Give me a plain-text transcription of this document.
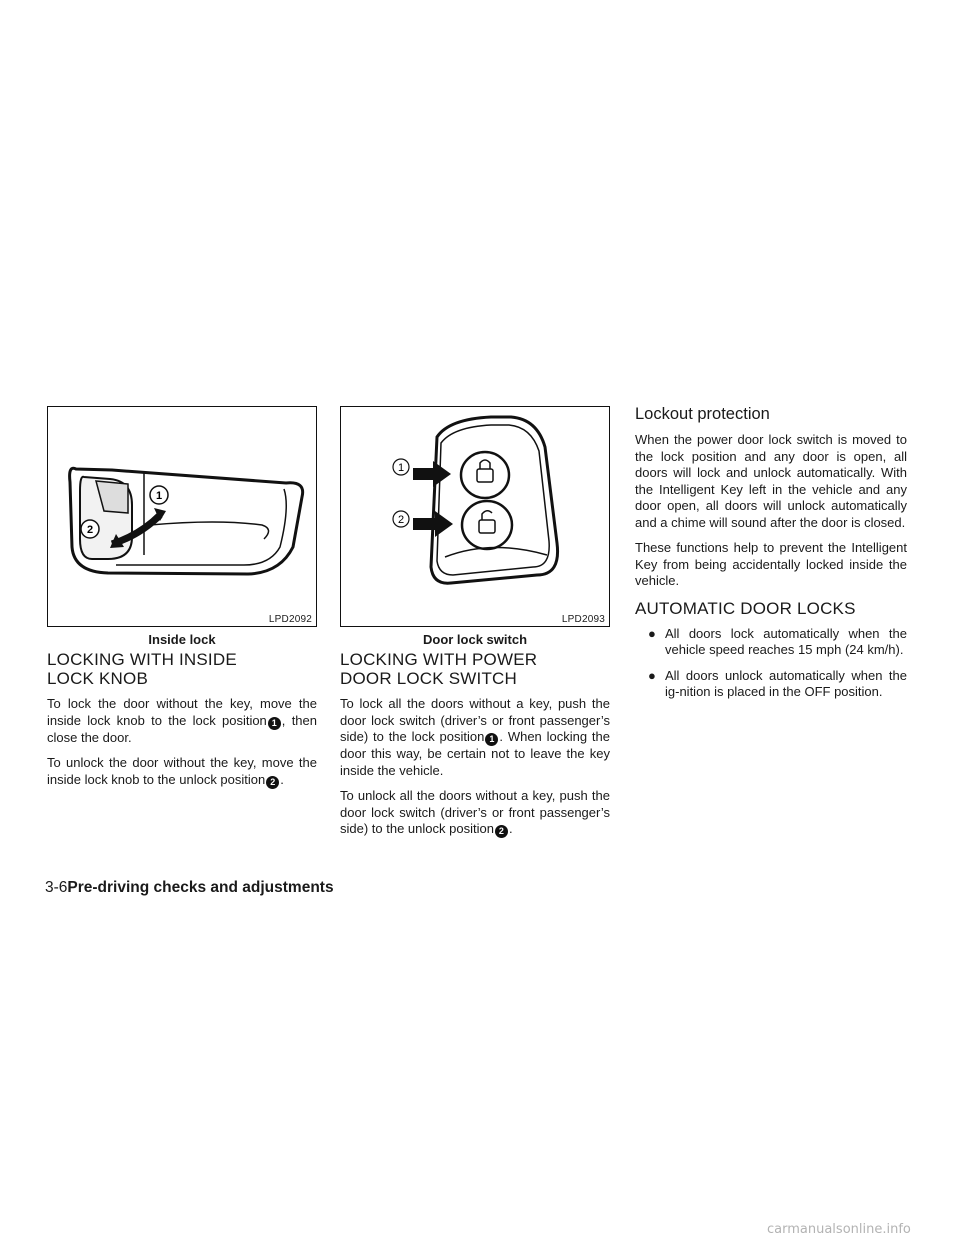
1
2
LPD2092
Inside lock
1
2
LPD2093
Door lock switch
LOCKING WITH INSIDE LOCK KNOB

To lock the door without the key, move the inside lock knob to the lock position 1 , then close the door.

To unlock the door without the key, move the inside lock knob to the unlock position 2 .

LOCKING WITH POWER DOOR LOCK SWITCH

To lock all the doors without a key, push the door lock switch (driver’s or front passenger’s side) to the lock position 1 . When locking the door this way, be certain not to leave the key inside the vehicle.

To unlock all the doors without a key, push the door lock switch (driver’s or front passenger’s side) to the unlock position 2 .

Lockout protection

When the power door lock switch is moved to the lock position and any door is open, all doors will lock and unlock automatically. With the Intelligent Key left in the vehicle and any door open, all doors will unlock automatically and a chime will sound after the door is closed.

These functions help to prevent the Intelligent Key from being accidentally locked inside the vehicle.

AUTOMATIC DOOR LOCKS
● All doors lock automatically when the vehicle speed reaches 15 mph (24 km/h).
● All doors unlock automatically when the ig-nition is placed in the OFF position.
3-6Pre-driving checks and adjustments
carmanualsonline.info
